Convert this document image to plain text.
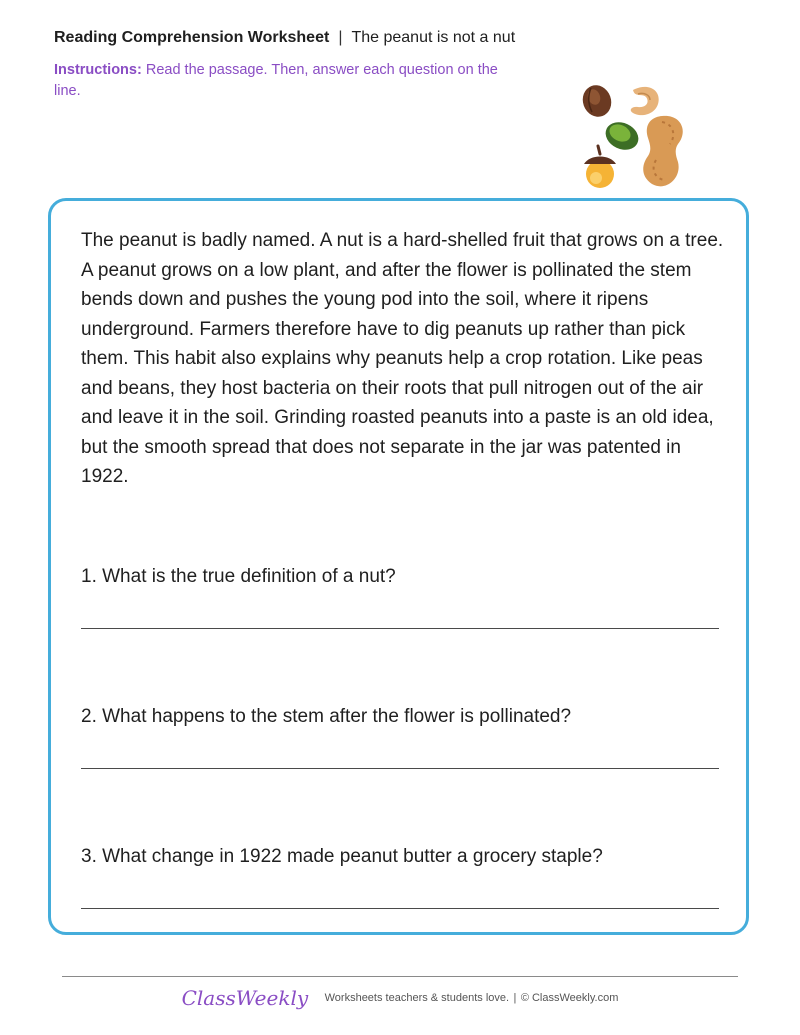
Reading Comprehension Worksheet | The peanut is not a nut
Instructions: Read the passage. Then, answer each question on the line.

The peanut is badly named. A nut is a hard-shelled fruit that grows on a tree. A peanut grows on a low plant, and after the flower is pollinated the stem bends down and pushes the young pod into the soil, where it ripens underground. Farmers therefore have to dig peanuts up rather than pick them. This habit also explains why peanuts help a crop rotation. Like peas and beans, they host bacteria on their roots that pull nitrogen out of the air and leave it in the soil. Grinding roasted peanuts into a paste is an old idea, but the smooth spread that does not separate in the jar was patented in 1922.

1. What is the true definition of a nut?
2. What happens to the stem after the flower is pollinated?
3. What change in 1922 made peanut butter a grocery staple?
ClassWeekly Worksheets teachers & students love. | © ClassWeekly.com
